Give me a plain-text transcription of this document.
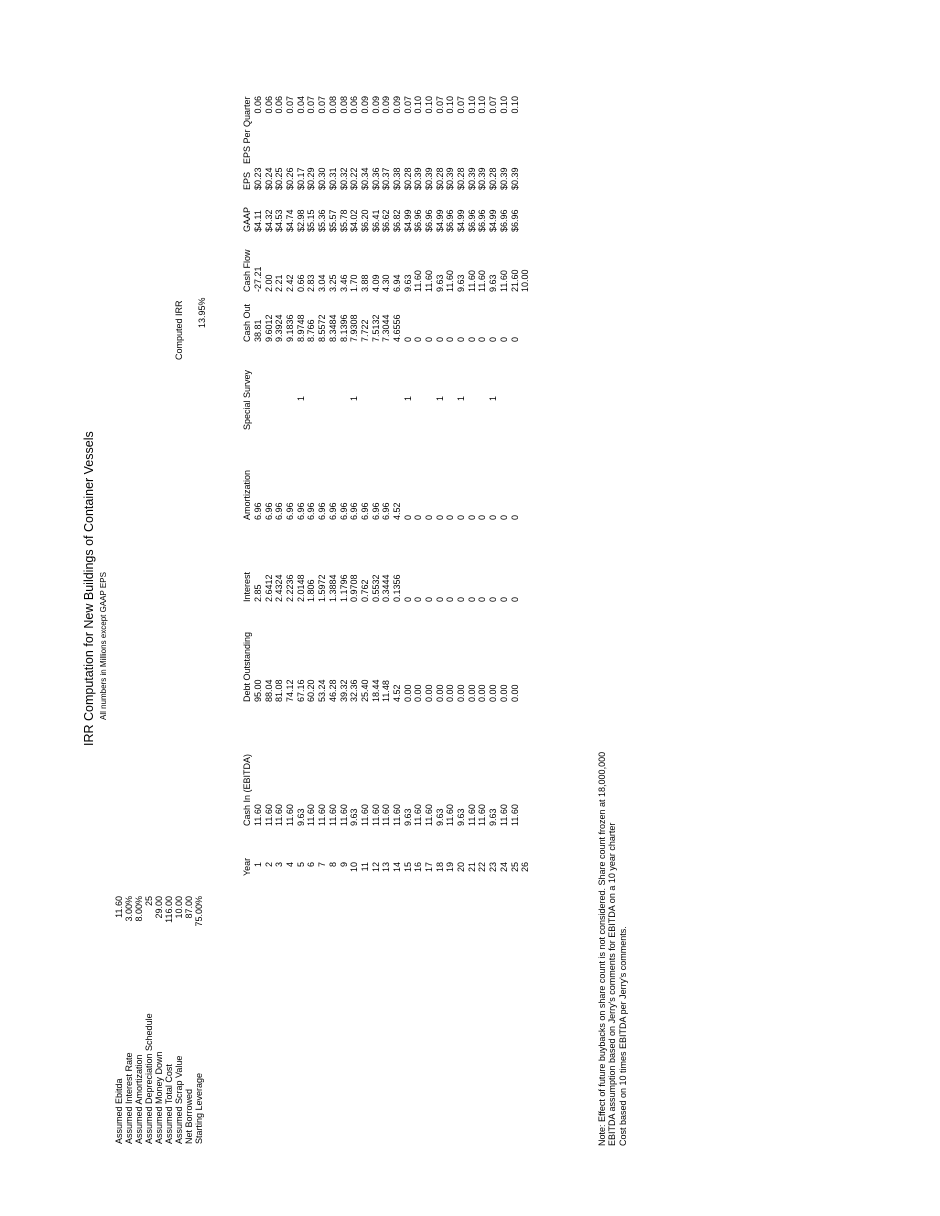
IRR Computation for New Buildings of Container Vessels All numbers in Millions except GAAP EPS
Assumed Ebitda Assumed Interest Rate Assumed Amortization Assumed Depreciation Schedule Assumed Money Down Assumed Total Cost Assumed Scrap Value Net Borrowed Starting Leverage
11.60 3.00% 8.00% 25 29.00 116.00 10.00 87.00 75.00%
Computed IRR 13.95%
Year
Cash In (EBITDA)
Debt Outstanding
Interest
Amortization
Special Survey
Cash Out
Cash Flow
GAAP
EPS
EPS Per Quarter
1 2 3 4 5 6 7 8 9 10 11 12 13 14 15 16 17 18 19 20 21 22 23 24 25 26
11.60 11.60 11.60 11.60 9.63 11.60 11.60 11.60 11.60 9.63 11.60 11.60 11.60 11.60 9.63 11.60 11.60 9.63 11.60 9.63 11.60 11.60 9.63 11.60 11.60
95.00 88.04 81.08 74.12 67.16 60.20 53.24 46.28 39.32 32.36 25.40 18.44 11.48 4.52 0.00 0.00 0.00 0.00 0.00 0.00 0.00 0.00 0.00 0.00 0.00
2.85 2.6412 2.4324 2.2236 2.0148 1.806 1.5972 1.3884 1.1796 0.9708 0.762 0.5532 0.3444 0.1356 0 0 0 0 0 0 0 0 0 0 0
6.96 6.96 6.96 6.96 6.96 6.96 6.96 6.96 6.96 6.96 6.96 6.96 6.96 4.52 0 0 0 0 0 0 0 0 0 0 0
1	1	1 1 1 1
38.81 9.6012 9.3924 9.1836 8.9748 8.766 8.5572 8.3484 8.1396 7.9308 7.722 7.5132 7.3044 4.6556 0 0 0 0 0 0 0 0 0 0 0
-27.21 2.00 2.21 2.42 0.66 2.83 3.04 3.25 3.46 1.70 3.88 4.09 4.30 6.94 9.63 11.60 11.60 9.63 11.60 9.63 11.60 11.60 9.63 11.60 21.60 10.00
$4.11 $4.32 $4.53 $4.74 $2.98 $5.15 $5.36 $5.57 $5.78 $4.02 $6.20 $6.41 $6.62 $6.82 $4.99 $6.96 $6.96 $4.99 $6.96 $4.99 $6.96 $6.96 $4.99 $6.96 $6.96
$0.23 $0.24 $0.25 $0.26 $0.17 $0.29 $0.30 $0.31 $0.32 $0.22 $0.34 $0.36 $0.37 $0.38 $0.28 $0.39 $0.39 $0.28 $0.39 $0.28 $0.39 $0.39 $0.28 $0.39 $0.39
0.06 0.06 0.06 0.07 0.04 0.07 0.07 0.08 0.08 0.06 0.09 0.09 0.09 0.09 0.07 0.10 0.10 0.07 0.10 0.07 0.10 0.10 0.07 0.10 0.10
Note: Effect of future buybacks on share count is not considered. Share count frozen at 18,000,000 EBITDA assumption based on Jerry's comments for EBITDA on a 10 year charter Cost based on 10 times EBITDA per Jerry's comments.
